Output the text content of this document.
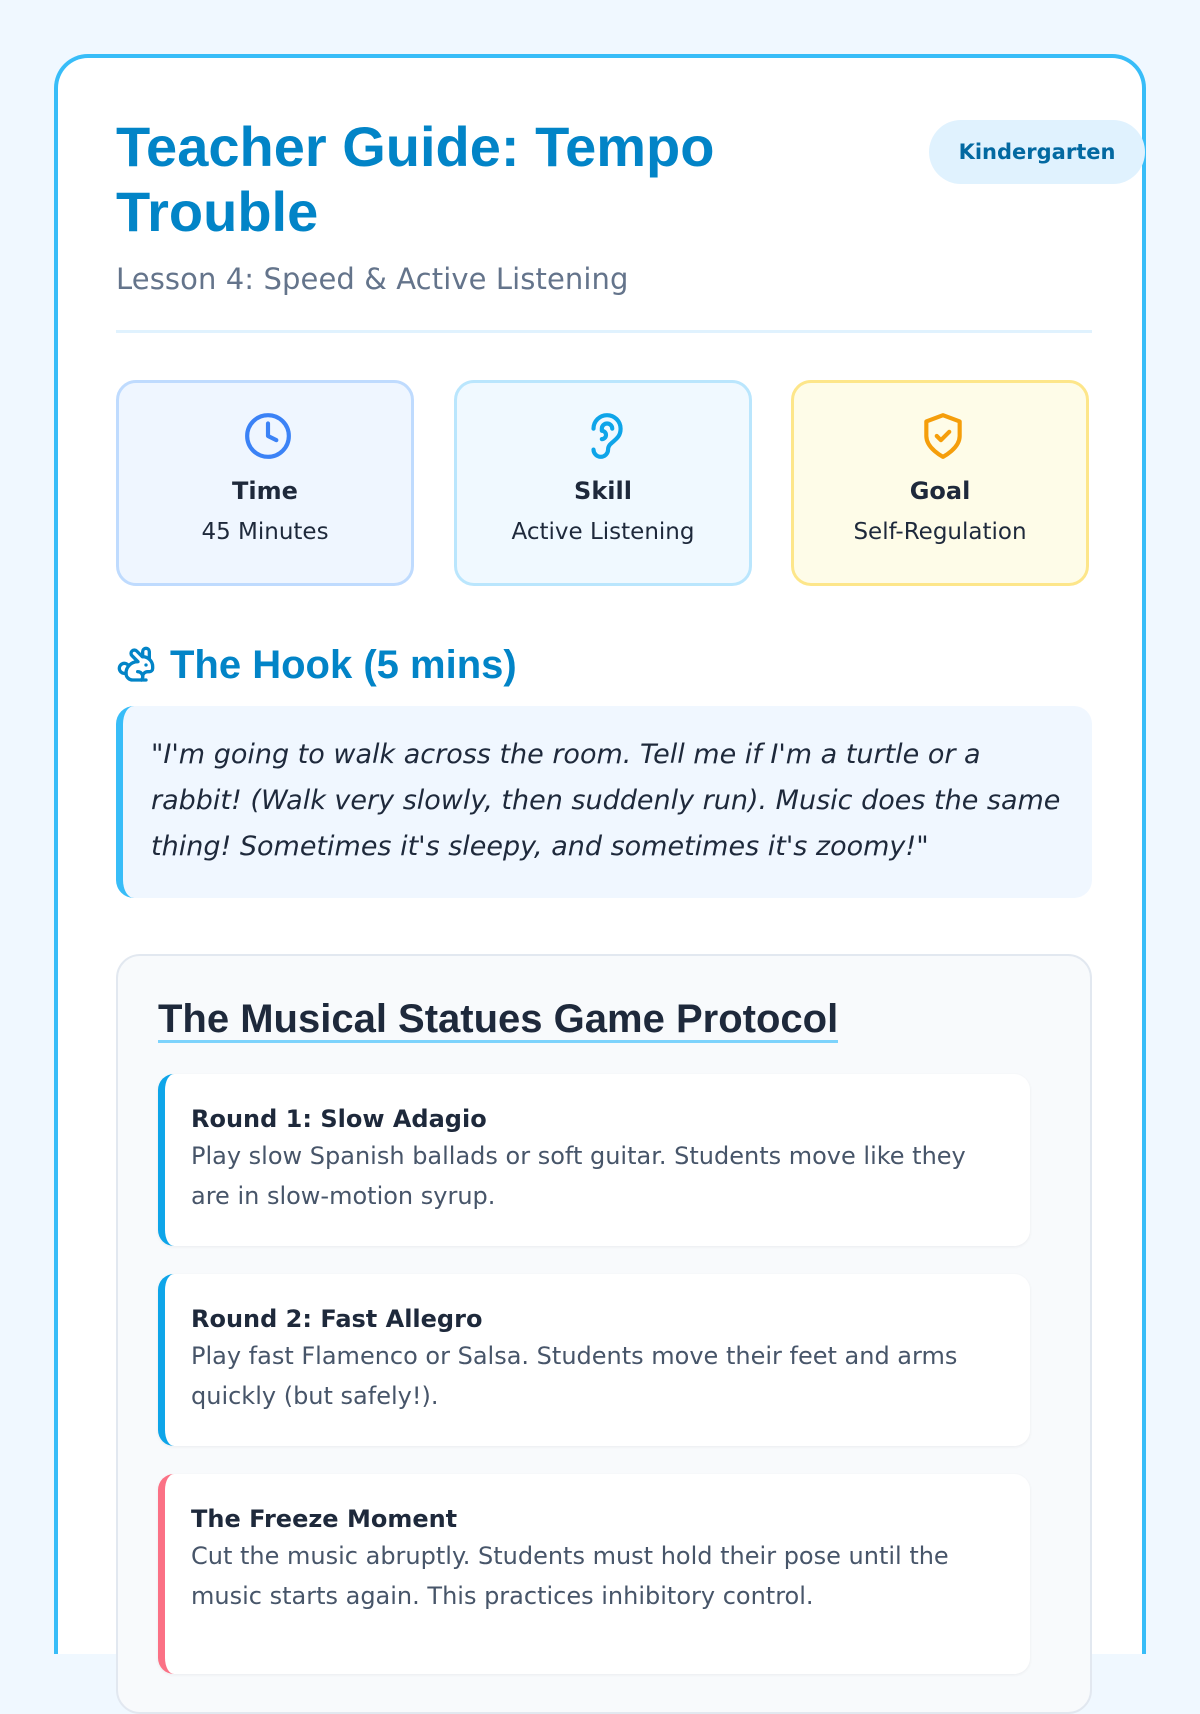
Teacher Guide: Tempo Trouble
Lesson 4: Speed & Active Listening
Kindergarten
Time
45 Minutes
Skill
Active Listening
Goal
Self-Regulation
The Hook (5 mins)
"I'm going to walk across the room. Tell me if I'm a turtle or a rabbit! (Walk very slowly, then suddenly run). Music does the same thing! Sometimes it's sleepy, and sometimes it's zoomy!"
The Musical Statues Game Protocol
Round 1: Slow Adagio
Play slow Spanish ballads or soft guitar. Students move like they are in slow-motion syrup.
Round 2: Fast Allegro
Play fast Flamenco or Salsa. Students move their feet and arms quickly (but safely!).
The Freeze Moment
Cut the music abruptly. Students must hold their pose until the music starts again. This practices inhibitory control.
